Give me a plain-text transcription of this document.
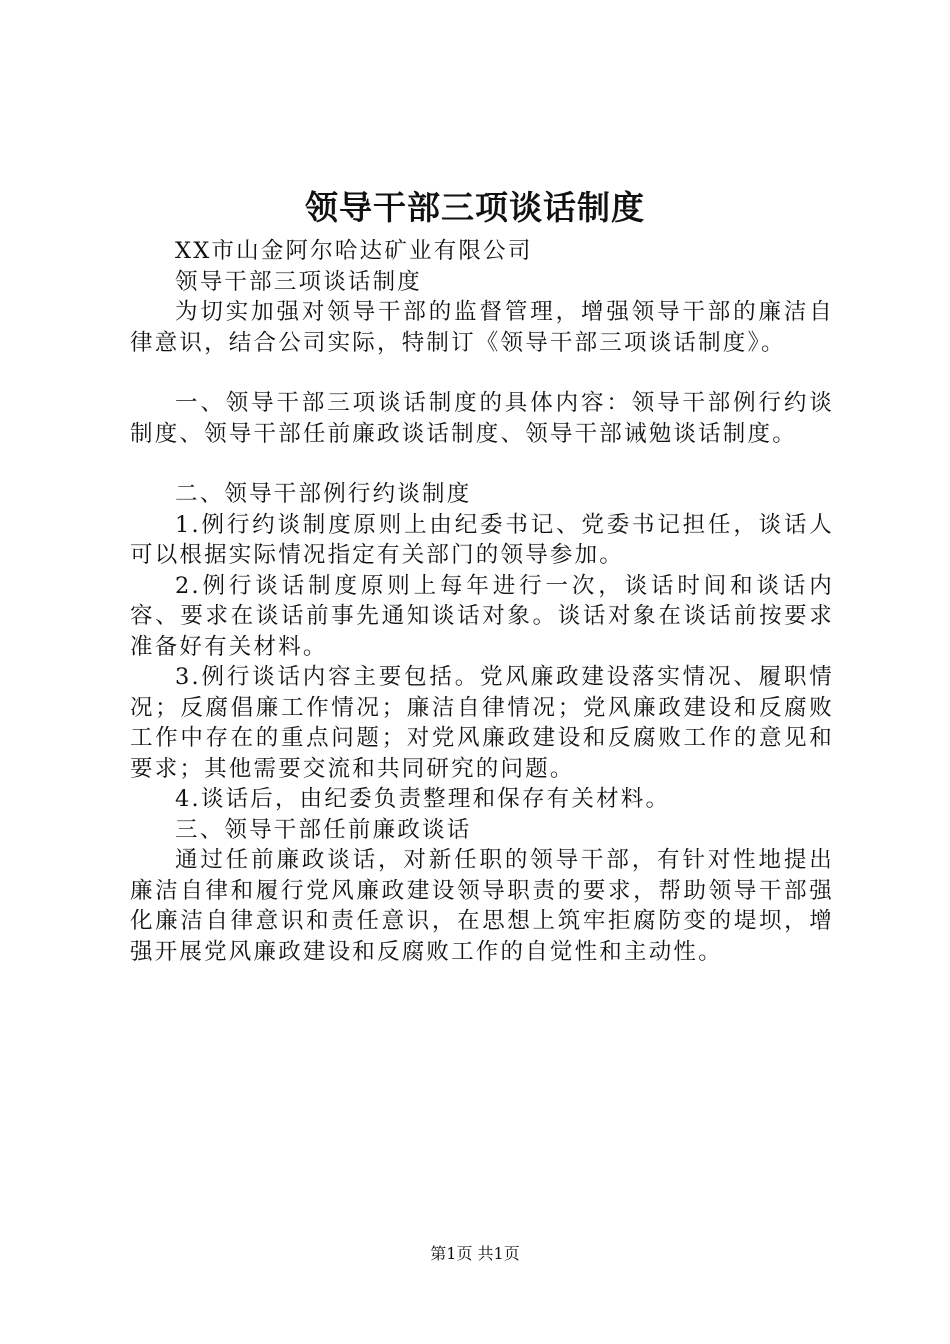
领导干部三项谈话制度

XX市山金阿尔哈达矿业有限公司

领导干部三项谈话制度

为切实加强对领导干部的监督管理，增强领导干部的廉洁自律意识，结合公司实际，特制订《领导干部三项谈话制度》。

一、领导干部三项谈话制度的具体内容：领导干部例行约谈制度、领导干部任前廉政谈话制度、领导干部诫勉谈话制度。

二、领导干部例行约谈制度

1.例行约谈制度原则上由纪委书记、党委书记担任，谈话人可以根据实际情况指定有关部门的领导参加。

2.例行谈话制度原则上每年进行一次，谈话时间和谈话内容、要求在谈话前事先通知谈话对象。谈话对象在谈话前按要求准备好有关材料。

3.例行谈话内容主要包括。党风廉政建设落实情况、履职情况；反腐倡廉工作情况；廉洁自律情况；党风廉政建设和反腐败工作中存在的重点问题；对党风廉政建设和反腐败工作的意见和要求；其他需要交流和共同研究的问题。

4.谈话后，由纪委负责整理和保存有关材料。

三、领导干部任前廉政谈话

通过任前廉政谈话，对新任职的领导干部，有针对性地提出廉洁自律和履行党风廉政建设领导职责的要求，帮助领导干部强化廉洁自律意识和责任意识，在思想上筑牢拒腐防变的堤坝，增强开展党风廉政建设和反腐败工作的自觉性和主动性。

第1页 共1页
